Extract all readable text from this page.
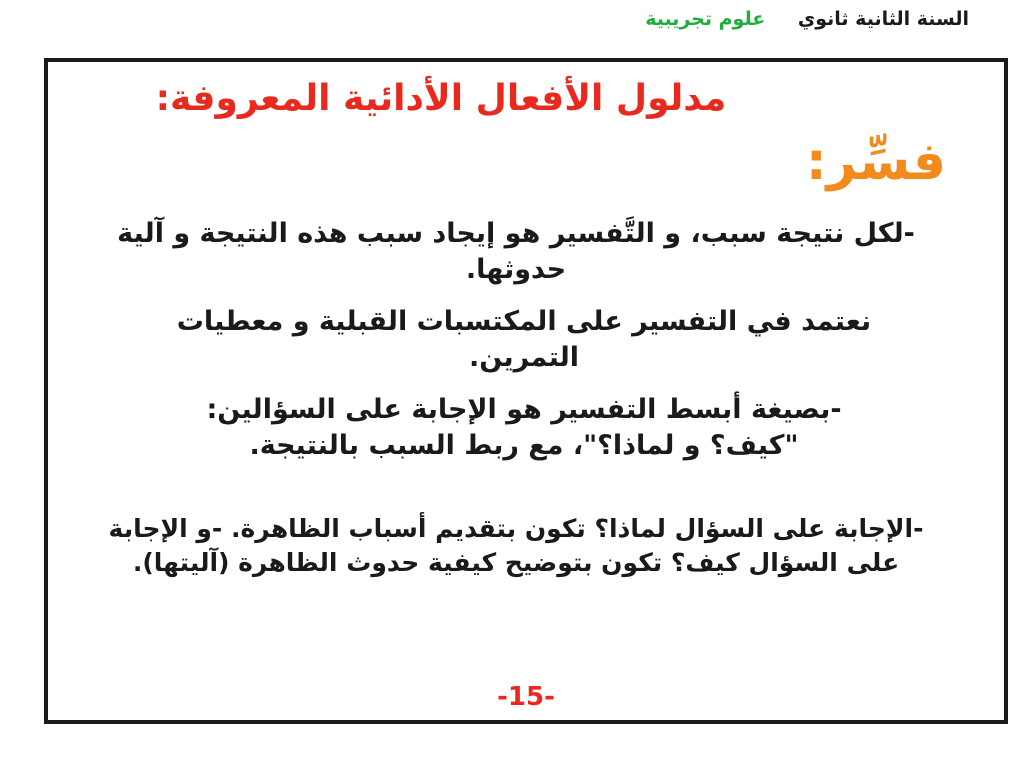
السنة الثانية ثانوي علوم تجريبية
مدلول الأفعال الأدائية المعروفة:
فسِّر:
-لكل نتيجة سبب، و التَّفسير هو إيجاد سبب هذه النتيجة و آلية حدوثها.
نعتمد في التفسير على المكتسبات القبلية و معطيات التمرين.
-بصيغة أبسط التفسير هو الإجابة على السؤالين: "كيف؟ و لماذا؟"، مع ربط السبب بالنتيجة.
-الإجابة على السؤال لماذا؟ تكون بتقديم أسباب الظاهرة. -و الإجابة على السؤال كيف؟ تكون بتوضيح كيفية حدوث الظاهرة (آليتها).
-15-
